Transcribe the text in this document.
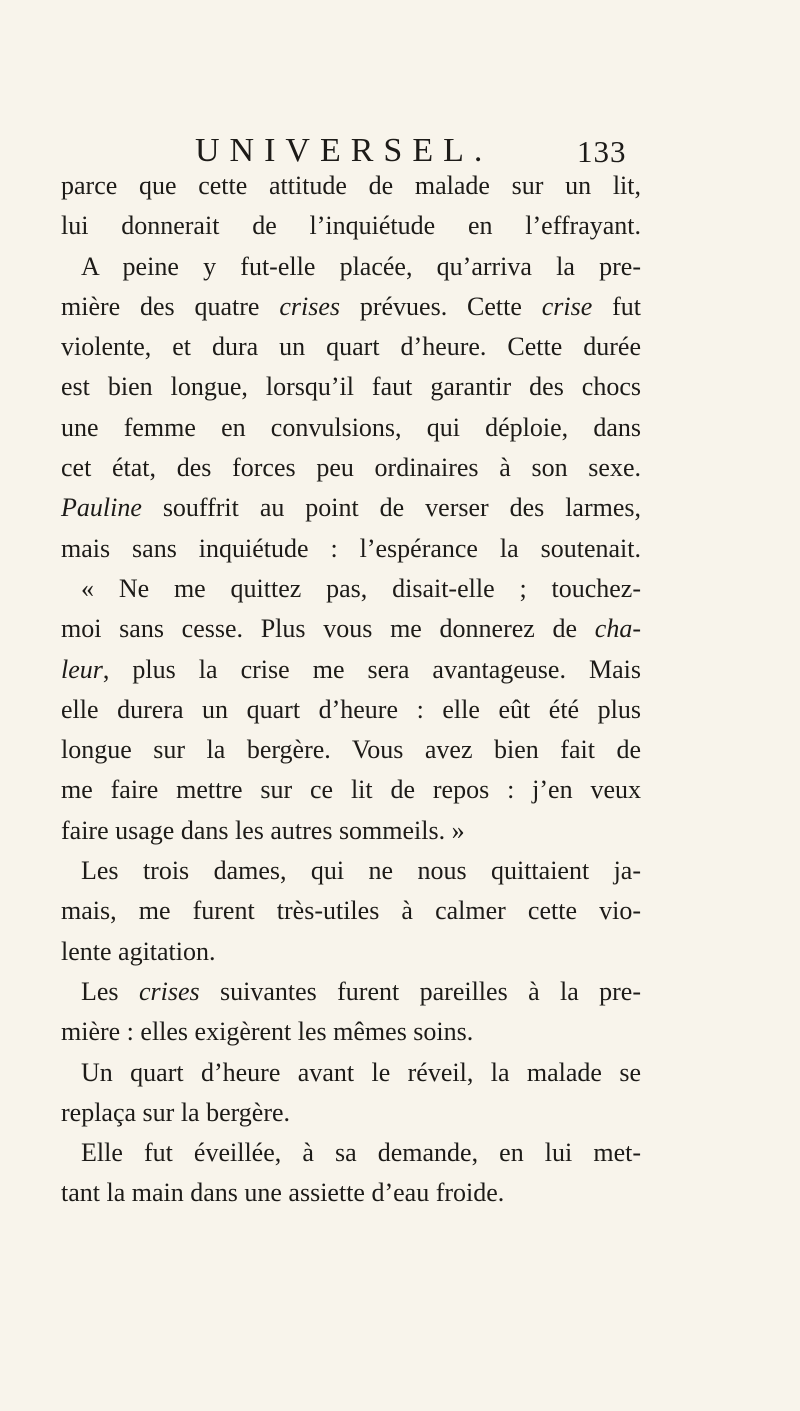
UNIVERSEL.	133
parce que cette attitude de malade sur un lit,
lui donnerait de l’inquiétude en l’effrayant.
A peine y fut-elle placée, qu’arriva la pre-
mière des quatre crises prévues. Cette crise fut
violente, et dura un quart d’heure. Cette durée
est bien longue, lorsqu’il faut garantir des chocs
une femme en convulsions, qui déploie, dans
cet état, des forces peu ordinaires à son sexe.
Pauline souffrit au point de verser des larmes,
mais sans inquiétude : l’espérance la soutenait.
« Ne me quittez pas, disait-elle ; touchez-
moi sans cesse. Plus vous me donnerez de cha-
leur, plus la crise me sera avantageuse. Mais
elle durera un quart d’heure : elle eût été plus
longue sur la bergère. Vous avez bien fait de
me faire mettre sur ce lit de repos : j’en veux
faire usage dans les autres sommeils. »
Les trois dames, qui ne nous quittaient ja-
mais, me furent très-utiles à calmer cette vio-
lente agitation.
Les crises suivantes furent pareilles à la pre-
mière : elles exigèrent les mêmes soins.
Un quart d’heure avant le réveil, la malade se
replaça sur la bergère.
Elle fut éveillée, à sa demande, en lui met-
tant la main dans une assiette d’eau froide.
